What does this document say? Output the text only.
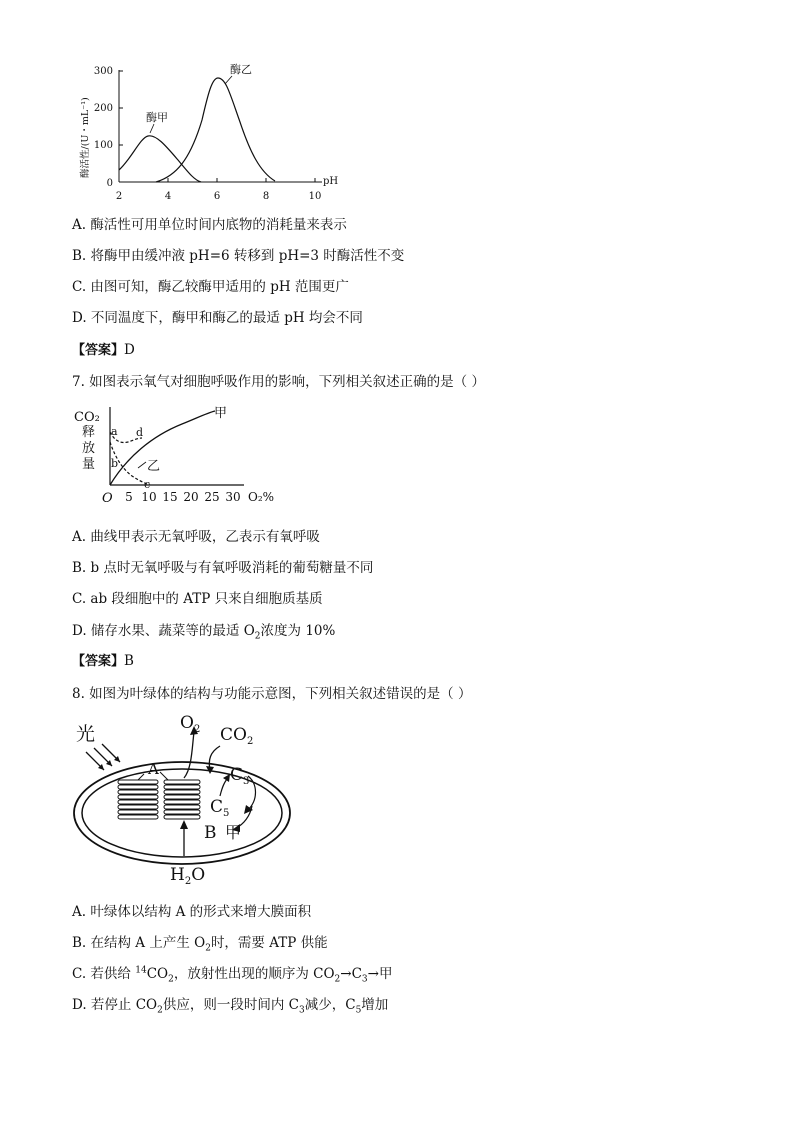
300
200
100
0
2	4	6	8	10
pH
酶活性/(U・mL⁻¹)	酶甲
酶乙
A. 酶活性可用单位时间内底物的消耗量来表示
B. 将酶甲由缓冲液 pH=6 转移到 pH=3 时酶活性不变
C. 由图可知，酶乙较酶甲适用的 pH 范围更广
D. 不同温度下，酶甲和酶乙的最适 pH 均会不同
【答案】D
7. 如图表示氧气对细胞呼吸作用的影响，下列相关叙述正确的是（ ）
CO₂
释
放
量
O 5 10 15 20 25 30 O₂%
甲
a
b
c
d
乙
A. 曲线甲表示无氧呼吸，乙表示有氧呼吸
B. b 点时无氧呼吸与有氧呼吸消耗的葡萄糖量不同
C. ab 段细胞中的 ATP 只来自细胞质基质
D. 储存水果、蔬菜等的最适 $O_2$浓度为 10%
【答案】B
8. 如图为叶绿体的结构与功能示意图，下列相关叙述错误的是（ ）
光
A
$O_2$ $CO_2$
$C_3$
$C_5$
B 甲
$H_2O$
A. 叶绿体以结构 A 的形式来增大膜面积
B. 在结构 A 上产生 $O_2$时，需要 ATP 供能
C. 若供给 $^{14}CO_2$，放射性出现的顺序为 $CO_2\to C_3\to$甲
D. 若停止 $CO_2$供应，则一段时间内 $C_3$减少，$C_5$增加
